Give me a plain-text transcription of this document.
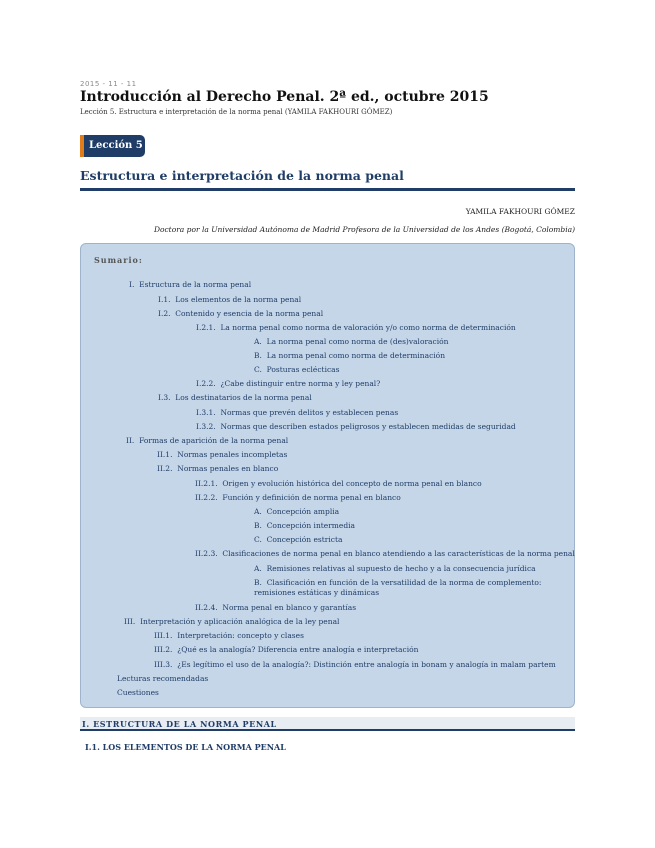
2015 - 11 - 11
Introducción al Derecho Penal. 2ª ed., octubre 2015
Lección 5. Estructura e interpretación de la norma penal (YAMILA FAKHOURI GÓMEZ)
Lección 5
Estructura e interpretación de la norma penal
YAMILA FAKHOURI GÓMEZ
Doctora por la Universidad Autónoma de Madrid Profesora de la Universidad de los Andes (Bogotá, Colombia)
Sumario:
I. Estructura de la norma penal
I.1. Los elementos de la norma penal
I.2. Contenido y esencia de la norma penal
I.2.1. La norma penal como norma de valoración y/o como norma de determinación
A. La norma penal como norma de (des)valoración
B. La norma penal como norma de determinación
C. Posturas eclécticas
I.2.2. ¿Cabe distinguir entre norma y ley penal?
I.3. Los destinatarios de la norma penal
I.3.1. Normas que prevén delitos y establecen penas
I.3.2. Normas que describen estados peligrosos y establecen medidas de seguridad
II. Formas de aparición de la norma penal
II.1. Normas penales incompletas
II.2. Normas penales en blanco
II.2.1. Origen y evolución histórica del concepto de norma penal en blanco
II.2.2. Función y definición de norma penal en blanco
A. Concepción amplia
B. Concepción intermedia
C. Concepción estricta
II.2.3. Clasificaciones de norma penal en blanco atendiendo a las características de la norma penal
A. Remisiones relativas al supuesto de hecho y a la consecuencia jurídica
B. Clasificación en función de la versatilidad de la norma de complemento: remisiones estáticas y dinámicas
II.2.4. Norma penal en blanco y garantías
III. Interpretación y aplicación analógica de la ley penal
III.1. Interpretación: concepto y clases
III.2. ¿Qué es la analogía? Diferencia entre analogía e interpretación
III.3. ¿Es legítimo el uso de la analogía?: Distinción entre analogía in bonam y analogía in malam partem
Lecturas recomendadas
Cuestiones
I. ESTRUCTURA DE LA NORMA PENAL
I.1. LOS ELEMENTOS DE LA NORMA PENAL
